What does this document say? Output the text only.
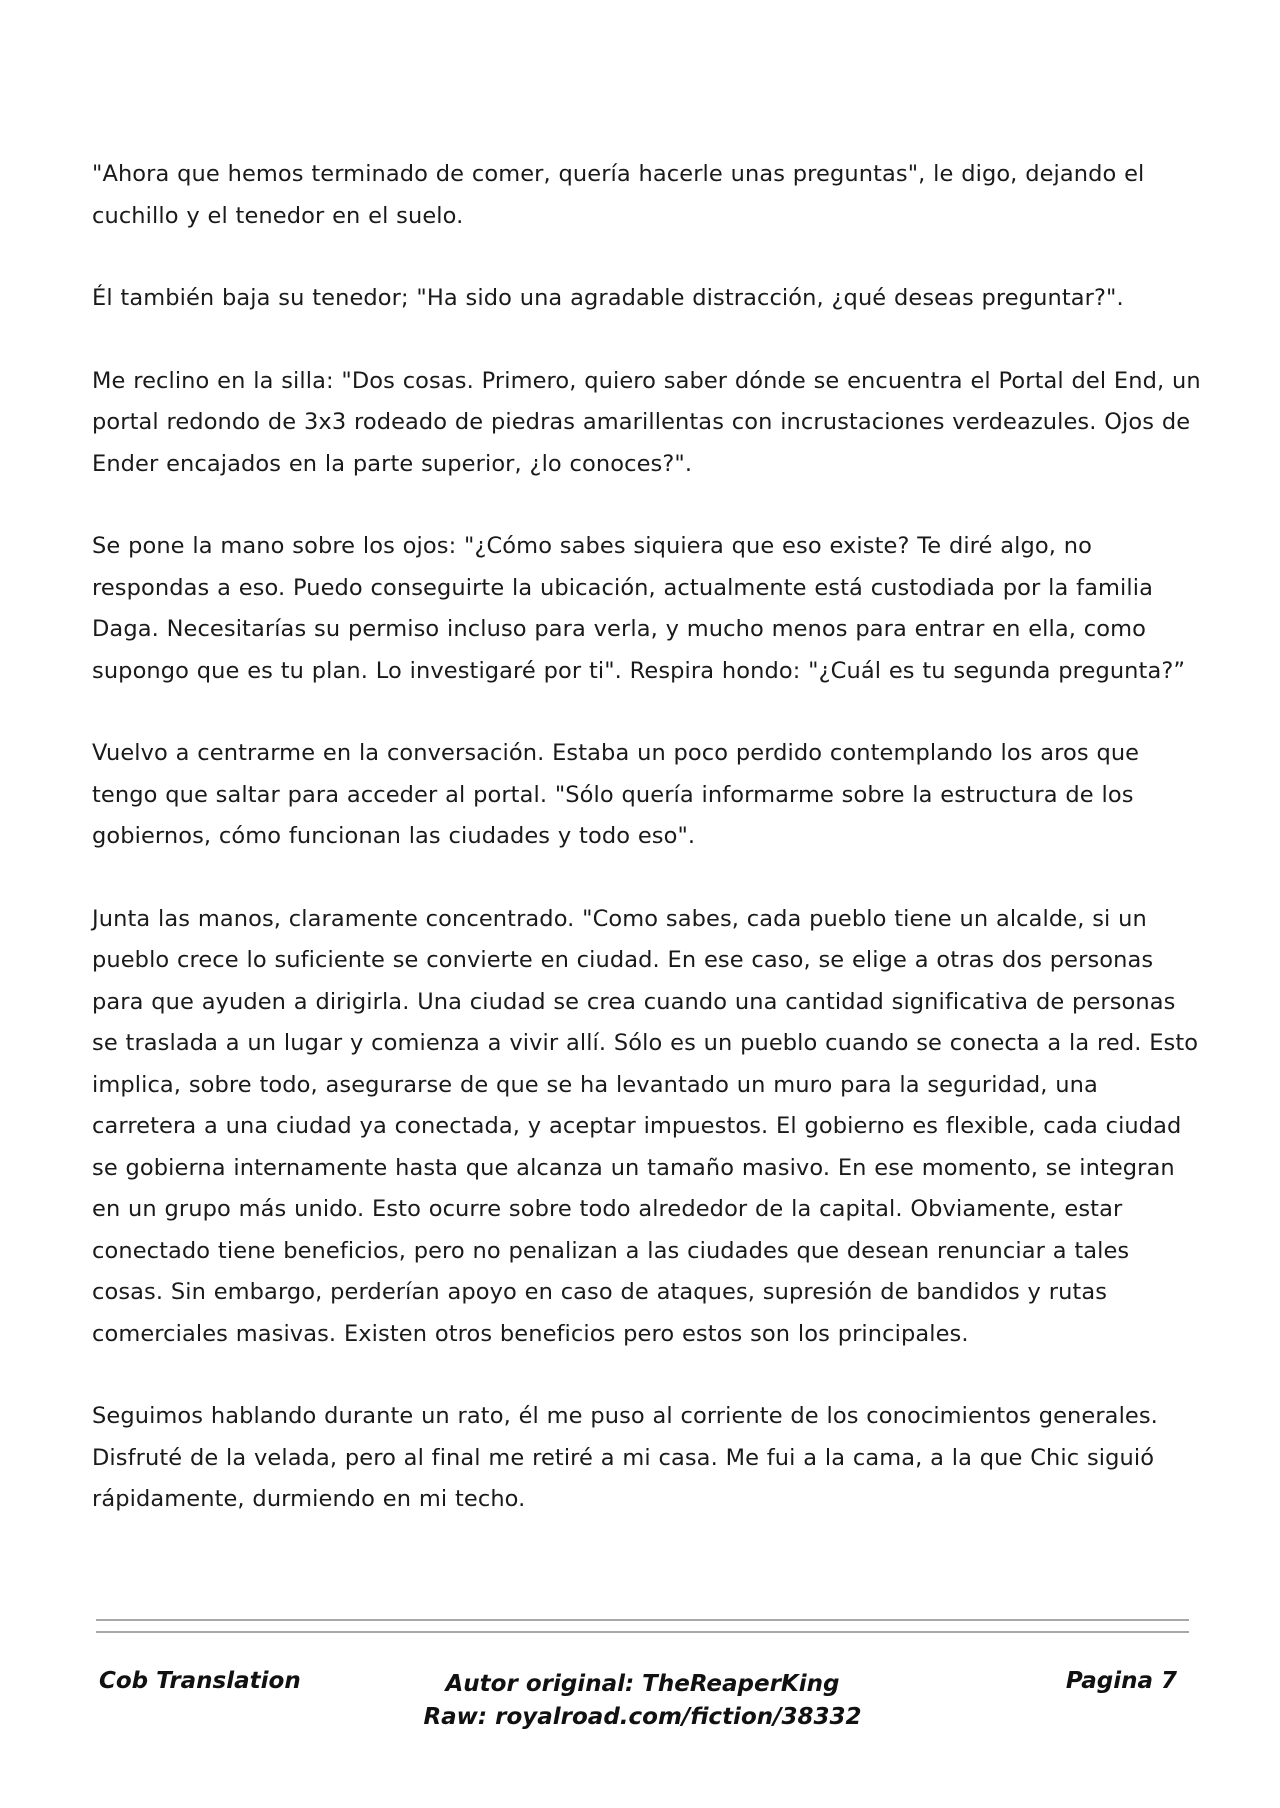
"Ahora que hemos terminado de comer, quería hacerle unas preguntas", le digo, dejando el cuchillo y el tenedor en el suelo.

Él también baja su tenedor; "Ha sido una agradable distracción, ¿qué deseas preguntar?".

Me reclino en la silla: "Dos cosas. Primero, quiero saber dónde se encuentra el Portal del End, un portal redondo de 3x3 rodeado de piedras amarillentas con incrustaciones verdeazules. Ojos de Ender encajados en la parte superior, ¿lo conoces?".

Se pone la mano sobre los ojos: "¿Cómo sabes siquiera que eso existe? Te diré algo, no respondas a eso. Puedo conseguirte la ubicación, actualmente está custodiada por la familia Daga. Necesitarías su permiso incluso para verla, y mucho menos para entrar en ella, como supongo que es tu plan. Lo investigaré por ti". Respira hondo: "¿Cuál es tu segunda pregunta?”

Vuelvo a centrarme en la conversación. Estaba un poco perdido contemplando los aros que tengo que saltar para acceder al portal. "Sólo quería informarme sobre la estructura de los gobiernos, cómo funcionan las ciudades y todo eso".

Junta las manos, claramente concentrado. "Como sabes, cada pueblo tiene un alcalde, si un pueblo crece lo suficiente se convierte en ciudad. En ese caso, se elige a otras dos personas para que ayuden a dirigirla. Una ciudad se crea cuando una cantidad significativa de personas se traslada a un lugar y comienza a vivir allí. Sólo es un pueblo cuando se conecta a la red. Esto implica, sobre todo, asegurarse de que se ha levantado un muro para la seguridad, una carretera a una ciudad ya conectada, y aceptar impuestos. El gobierno es flexible, cada ciudad se gobierna internamente hasta que alcanza un tamaño masivo. En ese momento, se integran en un grupo más unido. Esto ocurre sobre todo alrededor de la capital. Obviamente, estar conectado tiene beneficios, pero no penalizan a las ciudades que desean renunciar a tales cosas. Sin embargo, perderían apoyo en caso de ataques, supresión de bandidos y rutas comerciales masivas. Existen otros beneficios pero estos son los principales.

Seguimos hablando durante un rato, él me puso al corriente de los conocimientos generales. Disfruté de la velada, pero al final me retiré a mi casa. Me fui a la cama, a la que Chic siguió rápidamente, durmiendo en mi techo.

Cob Translation	Autor original: TheReaperKing
Raw: royalroad.com/fiction/38332
Pagina 7
